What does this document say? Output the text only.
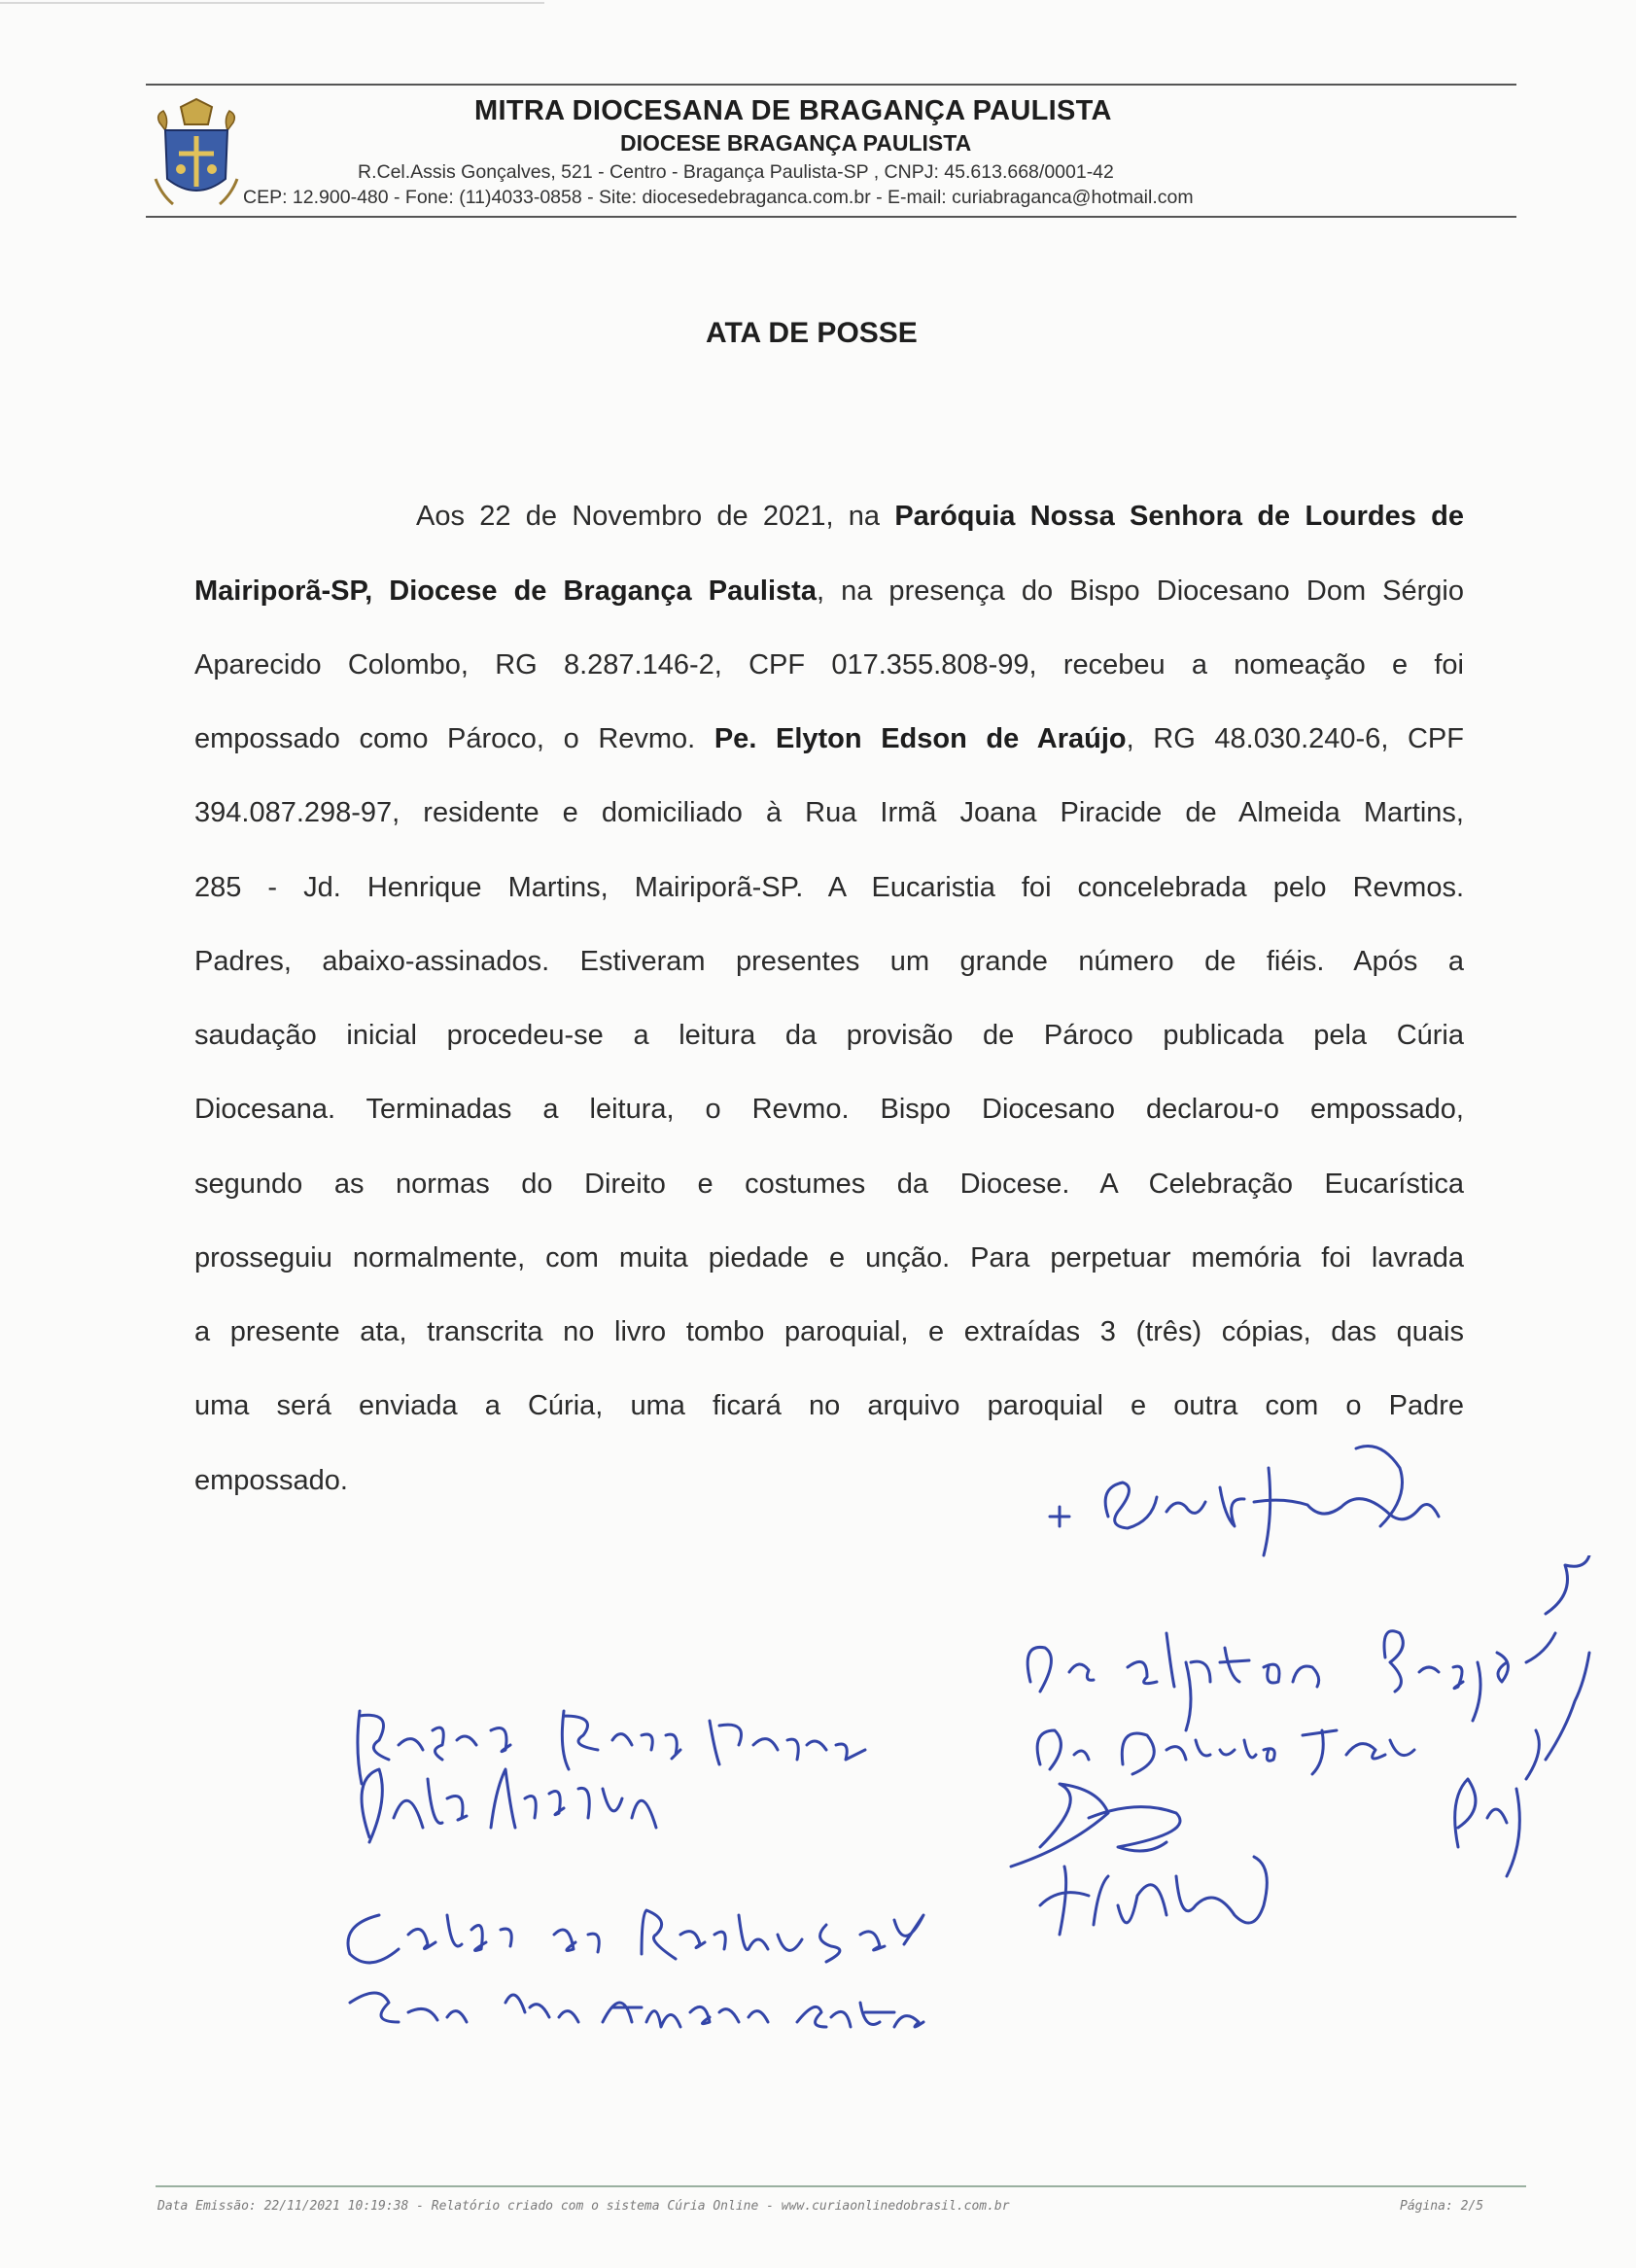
MITRA DIOCESANA DE BRAGANÇA PAULISTA
DIOCESE BRAGANÇA PAULISTA
R.Cel.Assis Gonçalves, 521 - Centro - Bragança Paulista-SP , CNPJ: 45.613.668/0001-42
CEP: 12.900-480 - Fone: (11)4033-0858 - Site: diocesedebraganca.com.br - E-mail: curiabraganca@hotmail.com
ATA DE POSSE
Aos 22 de Novembro de 2021, na Paróquia Nossa Senhora de Lourdes de
Mairiporã-SP, Diocese de Bragança Paulista, na presença do Bispo Diocesano Dom Sérgio
Aparecido Colombo, RG 8.287.146-2, CPF 017.355.808-99, recebeu a nomeação e foi
empossado como Pároco, o Revmo. Pe. Elyton Edson de Araújo, RG 48.030.240-6, CPF
394.087.298-97, residente e domiciliado à Rua Irmã Joana Piracide de Almeida Martins,
285 - Jd. Henrique Martins, Mairiporã-SP. A Eucaristia foi concelebrada pelo Revmos.
Padres, abaixo-assinados. Estiveram presentes um grande número de fiéis. Após a
saudação inicial procedeu-se a leitura da provisão de Pároco publicada pela Cúria
Diocesana. Terminadas a leitura, o Revmo. Bispo Diocesano declarou-o empossado,
segundo as normas do Direito e costumes da Diocese. A Celebração Eucarística
prosseguiu normalmente, com muita piedade e unção. Para perpetuar memória foi lavrada
a presente ata, transcrita no livro tombo paroquial, e extraídas 3 (três) cópias, das quais
uma será enviada a Cúria, uma ficará no arquivo paroquial e outra com o Padre
empossado.
Data Emissão: 22/11/2021 10:19:38 - Relatório criado com o sistema Cúria Online - www.curiaonlinedobrasil.com.br	Página: 2/5
